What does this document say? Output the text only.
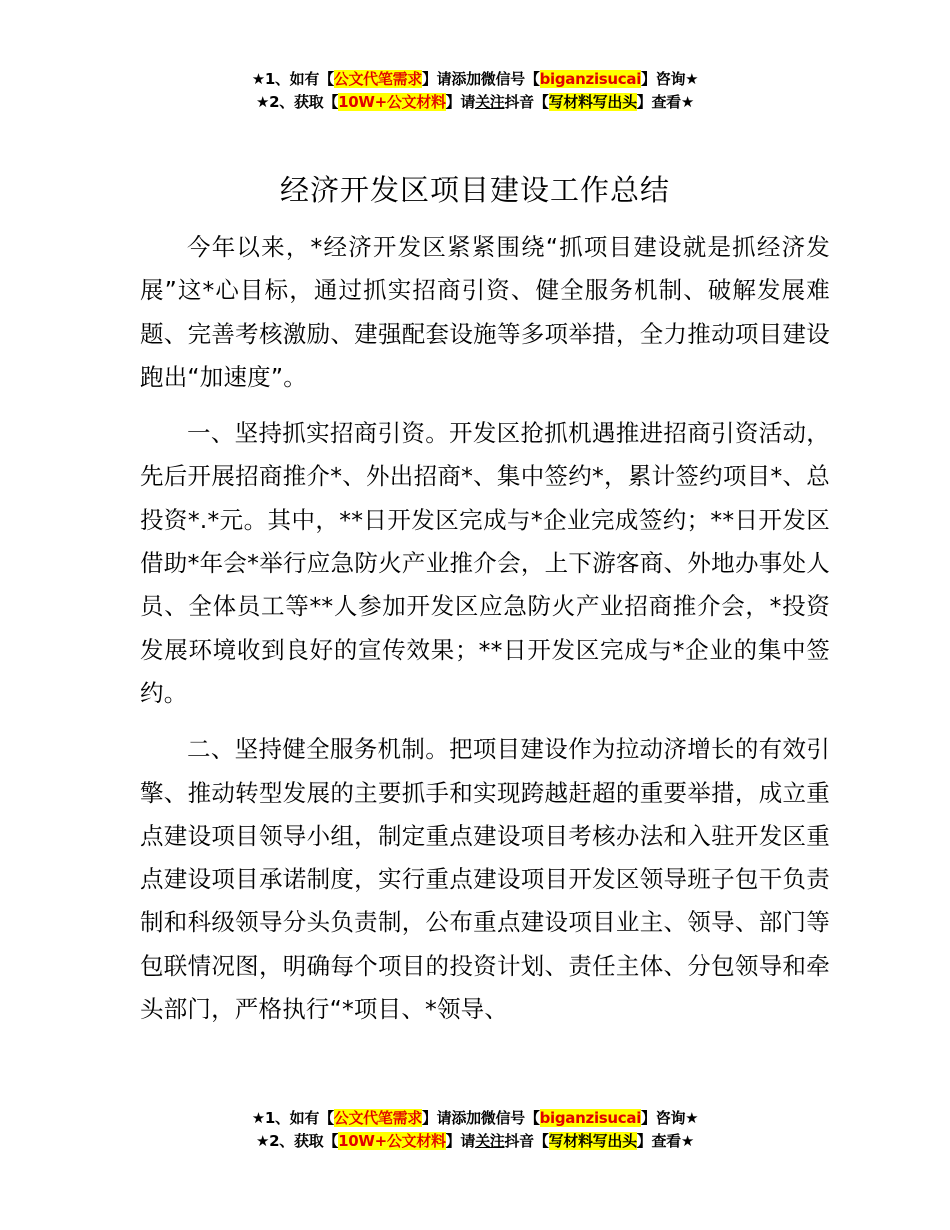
★1、如有【公文代笔需求】请添加微信号【biganzisucai】咨询★
★2、获取【10W+公文材料】请关注抖音【写材料写出头】查看★
经济开发区项目建设工作总结

今年以来，*经济开发区紧紧围绕“抓项目建设就是抓经济发展”这*心目标，通过抓实招商引资、健全服务机制、破解发展难题、完善考核激励、建强配套设施等多项举措，全力推动项目建设跑出“加速度”。

一、坚持抓实招商引资。开发区抢抓机遇推进招商引资活动，先后开展招商推介*、外出招商*、集中签约*，累计签约项目*、总投资*.*元。其中，**日开发区完成与*企业完成签约；**日开发区借助*年会*举行应急防火产业推介会，上下游客商、外地办事处人员、全体员工等**人参加开发区应急防火产业招商推介会，*投资发展环境收到良好的宣传效果；**日开发区完成与*企业的集中签约。

二、坚持健全服务机制。把项目建设作为拉动济增长的有效引擎、推动转型发展的主要抓手和实现跨越赶超的重要举措，成立重点建设项目领导小组，制定重点建设项目考核办法和入驻开发区重点建设项目承诺制度，实行重点建设项目开发区领导班子包干负责制和科级领导分头负责制，公布重点建设项目业主、领导、部门等包联情况图，明确每个项目的投资计划、责任主体、分包领导和牵头部门，严格执行“*项目、*领导、

★1、如有【公文代笔需求】请添加微信号【biganzisucai】咨询★
★2、获取【10W+公文材料】请关注抖音【写材料写出头】查看★
